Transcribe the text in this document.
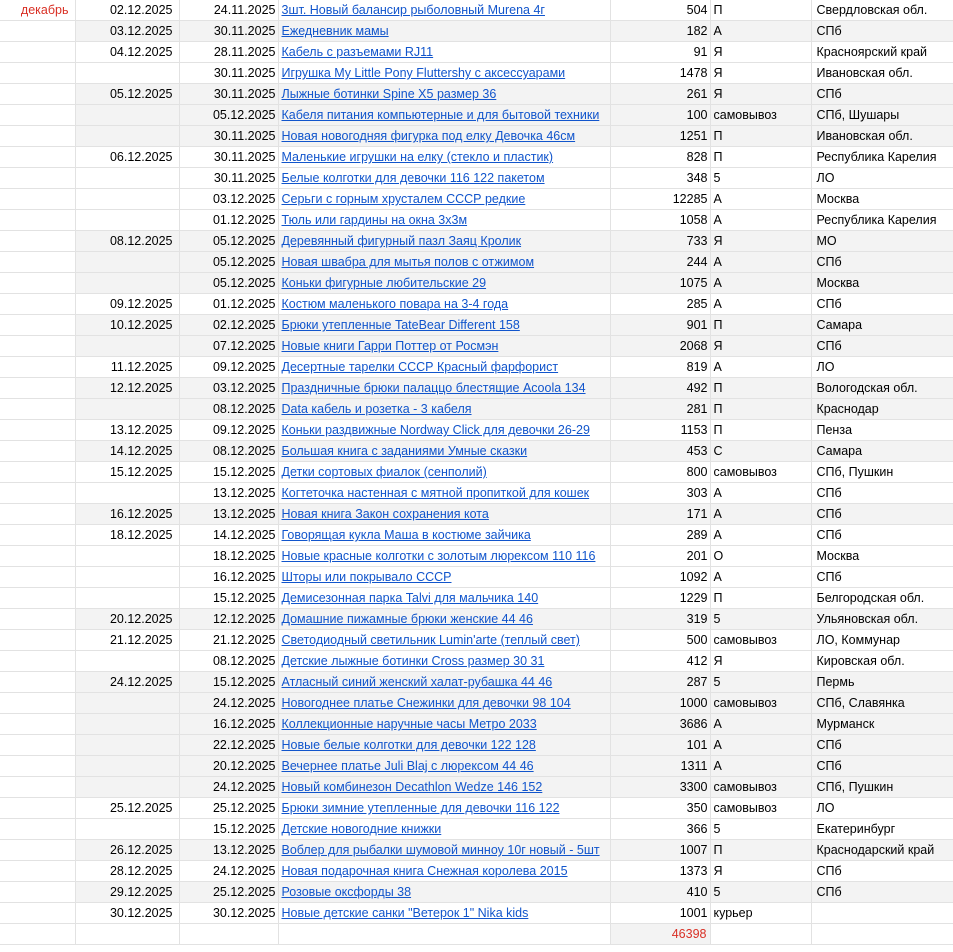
декабрь	02.12.2025	24.11.2025	3шт. Новый балансир рыболовный Murena 4г	504	П	Свердловская обл.
	03.12.2025	30.11.2025	Ежедневник мамы	182	А	СПб
	04.12.2025	28.11.2025	Кабель с разъемами RJ11	91	Я	Красноярский край
		30.11.2025	Игрушка My Little Pony Fluttershy с аксессуарами	1478	Я	Ивановская обл.
	05.12.2025	30.11.2025	Лыжные ботинки Spine X5 размер 36	261	Я	СПб
		05.12.2025	Кабеля питания компьютерные и для бытовой техники	100	самовывоз	СПб, Шушары
		30.11.2025	Новая новогодняя фигурка под елку Девочка 46см	1251	П	Ивановская обл.
	06.12.2025	30.11.2025	Маленькие игрушки на елку (стекло и пластик)	828	П	Республика Карелия
		30.11.2025	Белые колготки для девочки 116 122 пакетом	348	5	ЛО
		03.12.2025	Серьги с горным хрусталем СССР редкие	12285	А	Москва
		01.12.2025	Тюль или гардины на окна 3х3м	1058	А	Республика Карелия
	08.12.2025	05.12.2025	Деревянный фигурный пазл Заяц Кролик	733	Я	МО
		05.12.2025	Новая швабра для мытья полов с отжимом	244	А	СПб
		05.12.2025	Коньки фигурные любительские 29	1075	А	Москва
	09.12.2025	01.12.2025	Костюм маленького повара на 3-4 года	285	А	СПб
	10.12.2025	02.12.2025	Брюки утепленные TateBear Different 158	901	П	Самара
		07.12.2025	Новые книги Гарри Поттер от Росмэн	2068	Я	СПб
	11.12.2025	09.12.2025	Десертные тарелки СССР Красный фарфорист	819	А	ЛО
	12.12.2025	03.12.2025	Праздничные брюки палаццо блестящие Acoola 134	492	П	Вологодская обл.
		08.12.2025	Data кабель и розетка - 3 кабеля	281	П	Краснодар
	13.12.2025	09.12.2025	Коньки раздвижные Nordway Click для девочки 26-29	1153	П	Пенза
	14.12.2025	08.12.2025	Большая книга с заданиями Умные сказки	453	С	Самара
	15.12.2025	15.12.2025	Детки сортовых фиалок (сенполий)	800	самовывоз	СПб, Пушкин
		13.12.2025	Когтеточка настенная с мятной пропиткой для кошек	303	А	СПб
	16.12.2025	13.12.2025	Новая книга Закон сохранения кота	171	А	СПб
	18.12.2025	14.12.2025	Говорящая кукла Маша в костюме зайчика	289	А	СПб
		18.12.2025	Новые красные колготки с золотым люрексом 110 116	201	О	Москва
		16.12.2025	Шторы или покрывало СССР	1092	А	СПб
		15.12.2025	Демисезонная парка Talvi для мальчика 140	1229	П	Белгородская обл.
	20.12.2025	12.12.2025	Домашние пижамные брюки женские 44 46	319	5	Ульяновская обл.
	21.12.2025	21.12.2025	Светодиодный светильник Lumin'arte (теплый свет)	500	самовывоз	ЛО, Коммунар
		08.12.2025	Детские лыжные ботинки Cross размер 30 31	412	Я	Кировская обл.
	24.12.2025	15.12.2025	Атласный синий женский халат-рубашка 44 46	287	5	Пермь
		24.12.2025	Новогоднее платье Снежинки для девочки 98 104	1000	самовывоз	СПб, Славянка
		16.12.2025	Коллекционные наручные часы Метро 2033	3686	А	Мурманск
		22.12.2025	Новые белые колготки для девочки 122 128	101	А	СПб
		20.12.2025	Вечернее платье Juli Blaj с люрексом 44 46	1311	А	СПб
		24.12.2025	Новый комбинезон Decathlon Wedze 146 152	3300	самовывоз	СПб, Пушкин
	25.12.2025	25.12.2025	Брюки зимние утепленные для девочки 116 122	350	самовывоз	ЛО
		15.12.2025	Детские новогодние книжки	366	5	Екатеринбург
	26.12.2025	13.12.2025	Воблер для рыбалки шумовой минноу 10г новый - 5шт	1007	П	Краснодарский край
	28.12.2025	24.12.2025	Новая подарочная книга Снежная королева 2015	1373	Я	СПб
	29.12.2025	25.12.2025	Розовые оксфорды 38	410	5	СПб
	30.12.2025	30.12.2025	Новые детские санки "Ветерок 1" Nika kids	1001	курьер	
				46398		
